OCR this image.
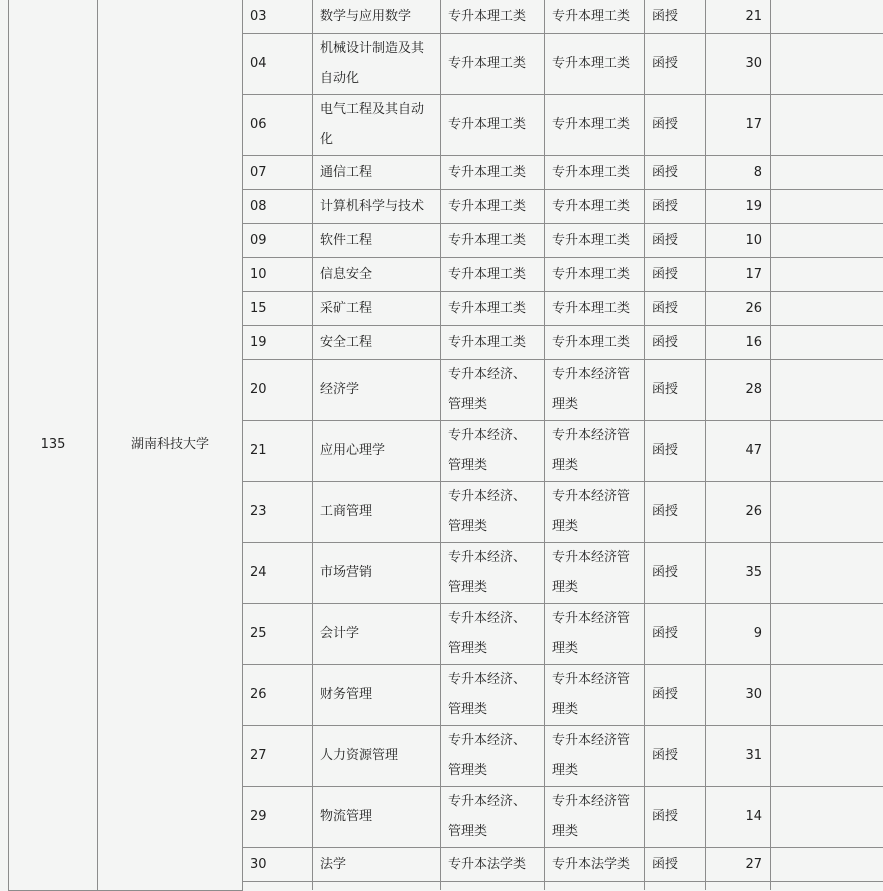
135	湖南科技大学	03	数学与应用数学	专升本理工类	专升本理工类	函授	21	
		04	机械设计制造及其自动化	专升本理工类	专升本理工类	函授	30	
		06	电气工程及其自动化	专升本理工类	专升本理工类	函授	17	
		07	通信工程	专升本理工类	专升本理工类	函授	8	
		08	计算机科学与技术	专升本理工类	专升本理工类	函授	19	
		09	软件工程	专升本理工类	专升本理工类	函授	10	
		10	信息安全	专升本理工类	专升本理工类	函授	17	
		15	采矿工程	专升本理工类	专升本理工类	函授	26	
		19	安全工程	专升本理工类	专升本理工类	函授	16	
		20	经济学	专升本经济、管理类	专升本经济管理类	函授	28	
		21	应用心理学	专升本经济、管理类	专升本经济管理类	函授	47	
		23	工商管理	专升本经济、管理类	专升本经济管理类	函授	26	
		24	市场营销	专升本经济、管理类	专升本经济管理类	函授	35	
		25	会计学	专升本经济、管理类	专升本经济管理类	函授	9	
		26	财务管理	专升本经济、管理类	专升本经济管理类	函授	30	
		27	人力资源管理	专升本经济、管理类	专升本经济管理类	函授	31	
		29	物流管理	专升本经济、管理类	专升本经济管理类	函授	14	
		30	法学	专升本法学类	专升本法学类	函授	27	
